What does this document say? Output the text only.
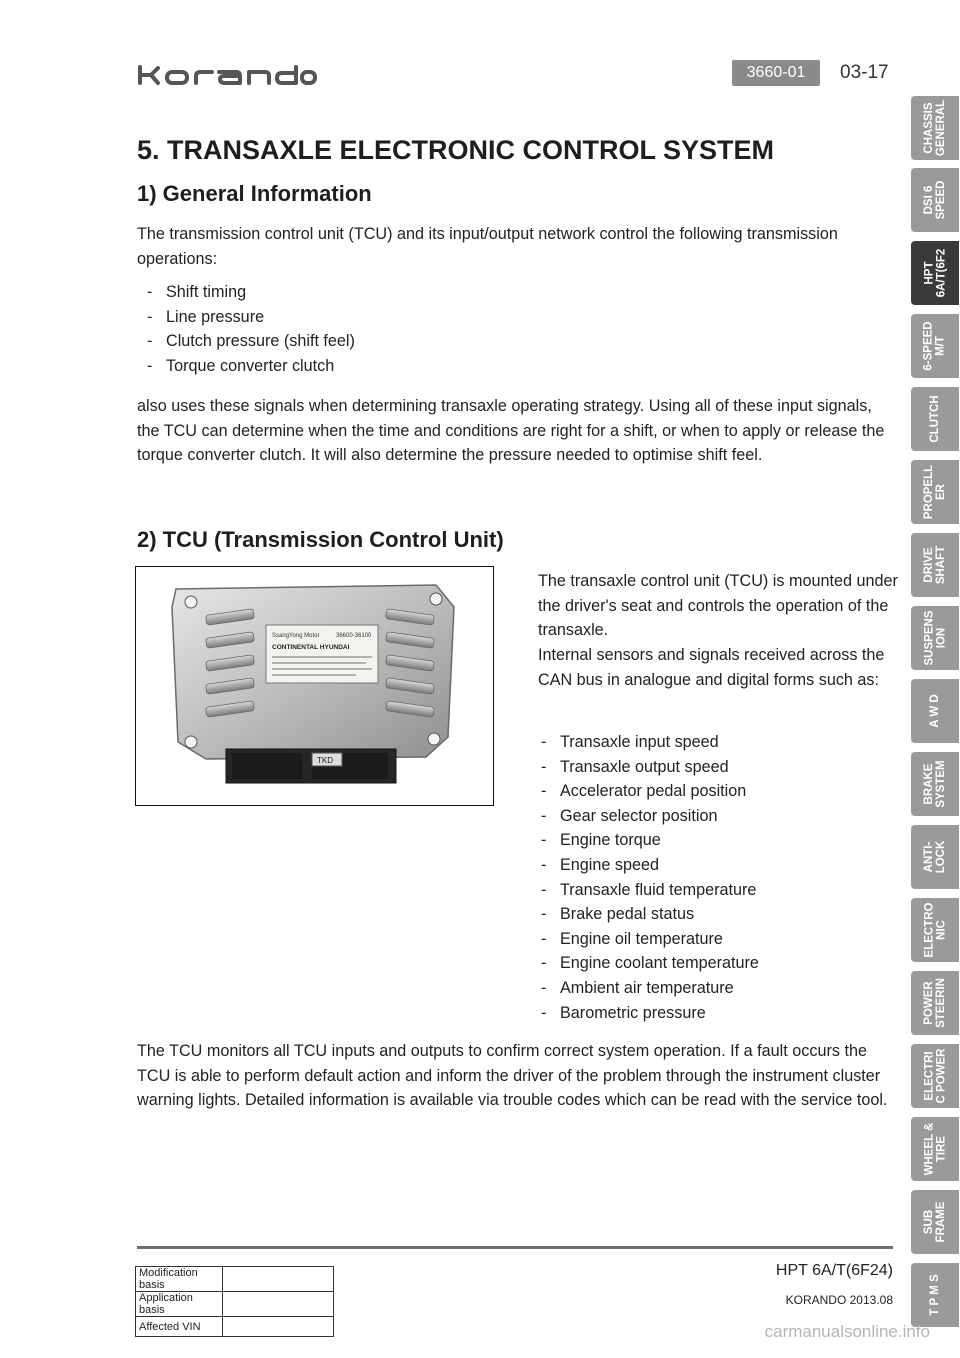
3660-01	03-17
5. TRANSAXLE ELECTRONIC CONTROL SYSTEM
1) General Information
The transmission control unit (TCU) and its input/output network control the following transmission operations:
- Shift timing
- Line pressure
- Clutch pressure (shift feel)
- Torque converter clutch
also uses these signals when determining transaxle operating strategy. Using all of these input signals, the TCU can determine when the time and conditions are right for a shift, or when to apply or release the torque converter clutch. It will also determine the pressure needed to optimise shift feel.
2) TCU (Transmission Control Unit)
SsangYong Motor	36600-36100
CONTINENTAL HYUNDAI
TKD
The transaxle control unit (TCU) is mounted under the driver's seat and controls the operation of the transaxle.
Internal sensors and signals received across the CAN bus in analogue and digital forms such as:
- Transaxle input speed
- Transaxle output speed
- Accelerator pedal position
- Gear selector position
- Engine torque
- Engine speed
- Transaxle fluid temperature
- Brake pedal status
- Engine oil temperature
- Engine coolant temperature
- Ambient air temperature
- Barometric pressure
The TCU monitors all TCU inputs and outputs to confirm correct system operation. If a fault occurs the TCU is able to perform default action and inform the driver of the problem through the instrument cluster warning lights. Detailed information is available via trouble codes which can be read with the service tool.
CHASSIS
GENERAL
DSI 6
SPEED
HPT
6A/T(6F2
6-SPEED
M/T
CLUTCH
PROPELL
ER
DRIVE
SHAFT
SUSPENS
ION
A W D
BRAKE
SYSTEM
ANTI-
LOCK
ELECTRO
NIC
POWER
STEERIN
ELECTRI
C POWER
WHEEL &
TIRE
SUB
FRAME
T P M S
Modification basis	
Application basis	
Affected VIN	
HPT 6A/T(6F24)
KORANDO 2013.08
carmanualsonline.info
